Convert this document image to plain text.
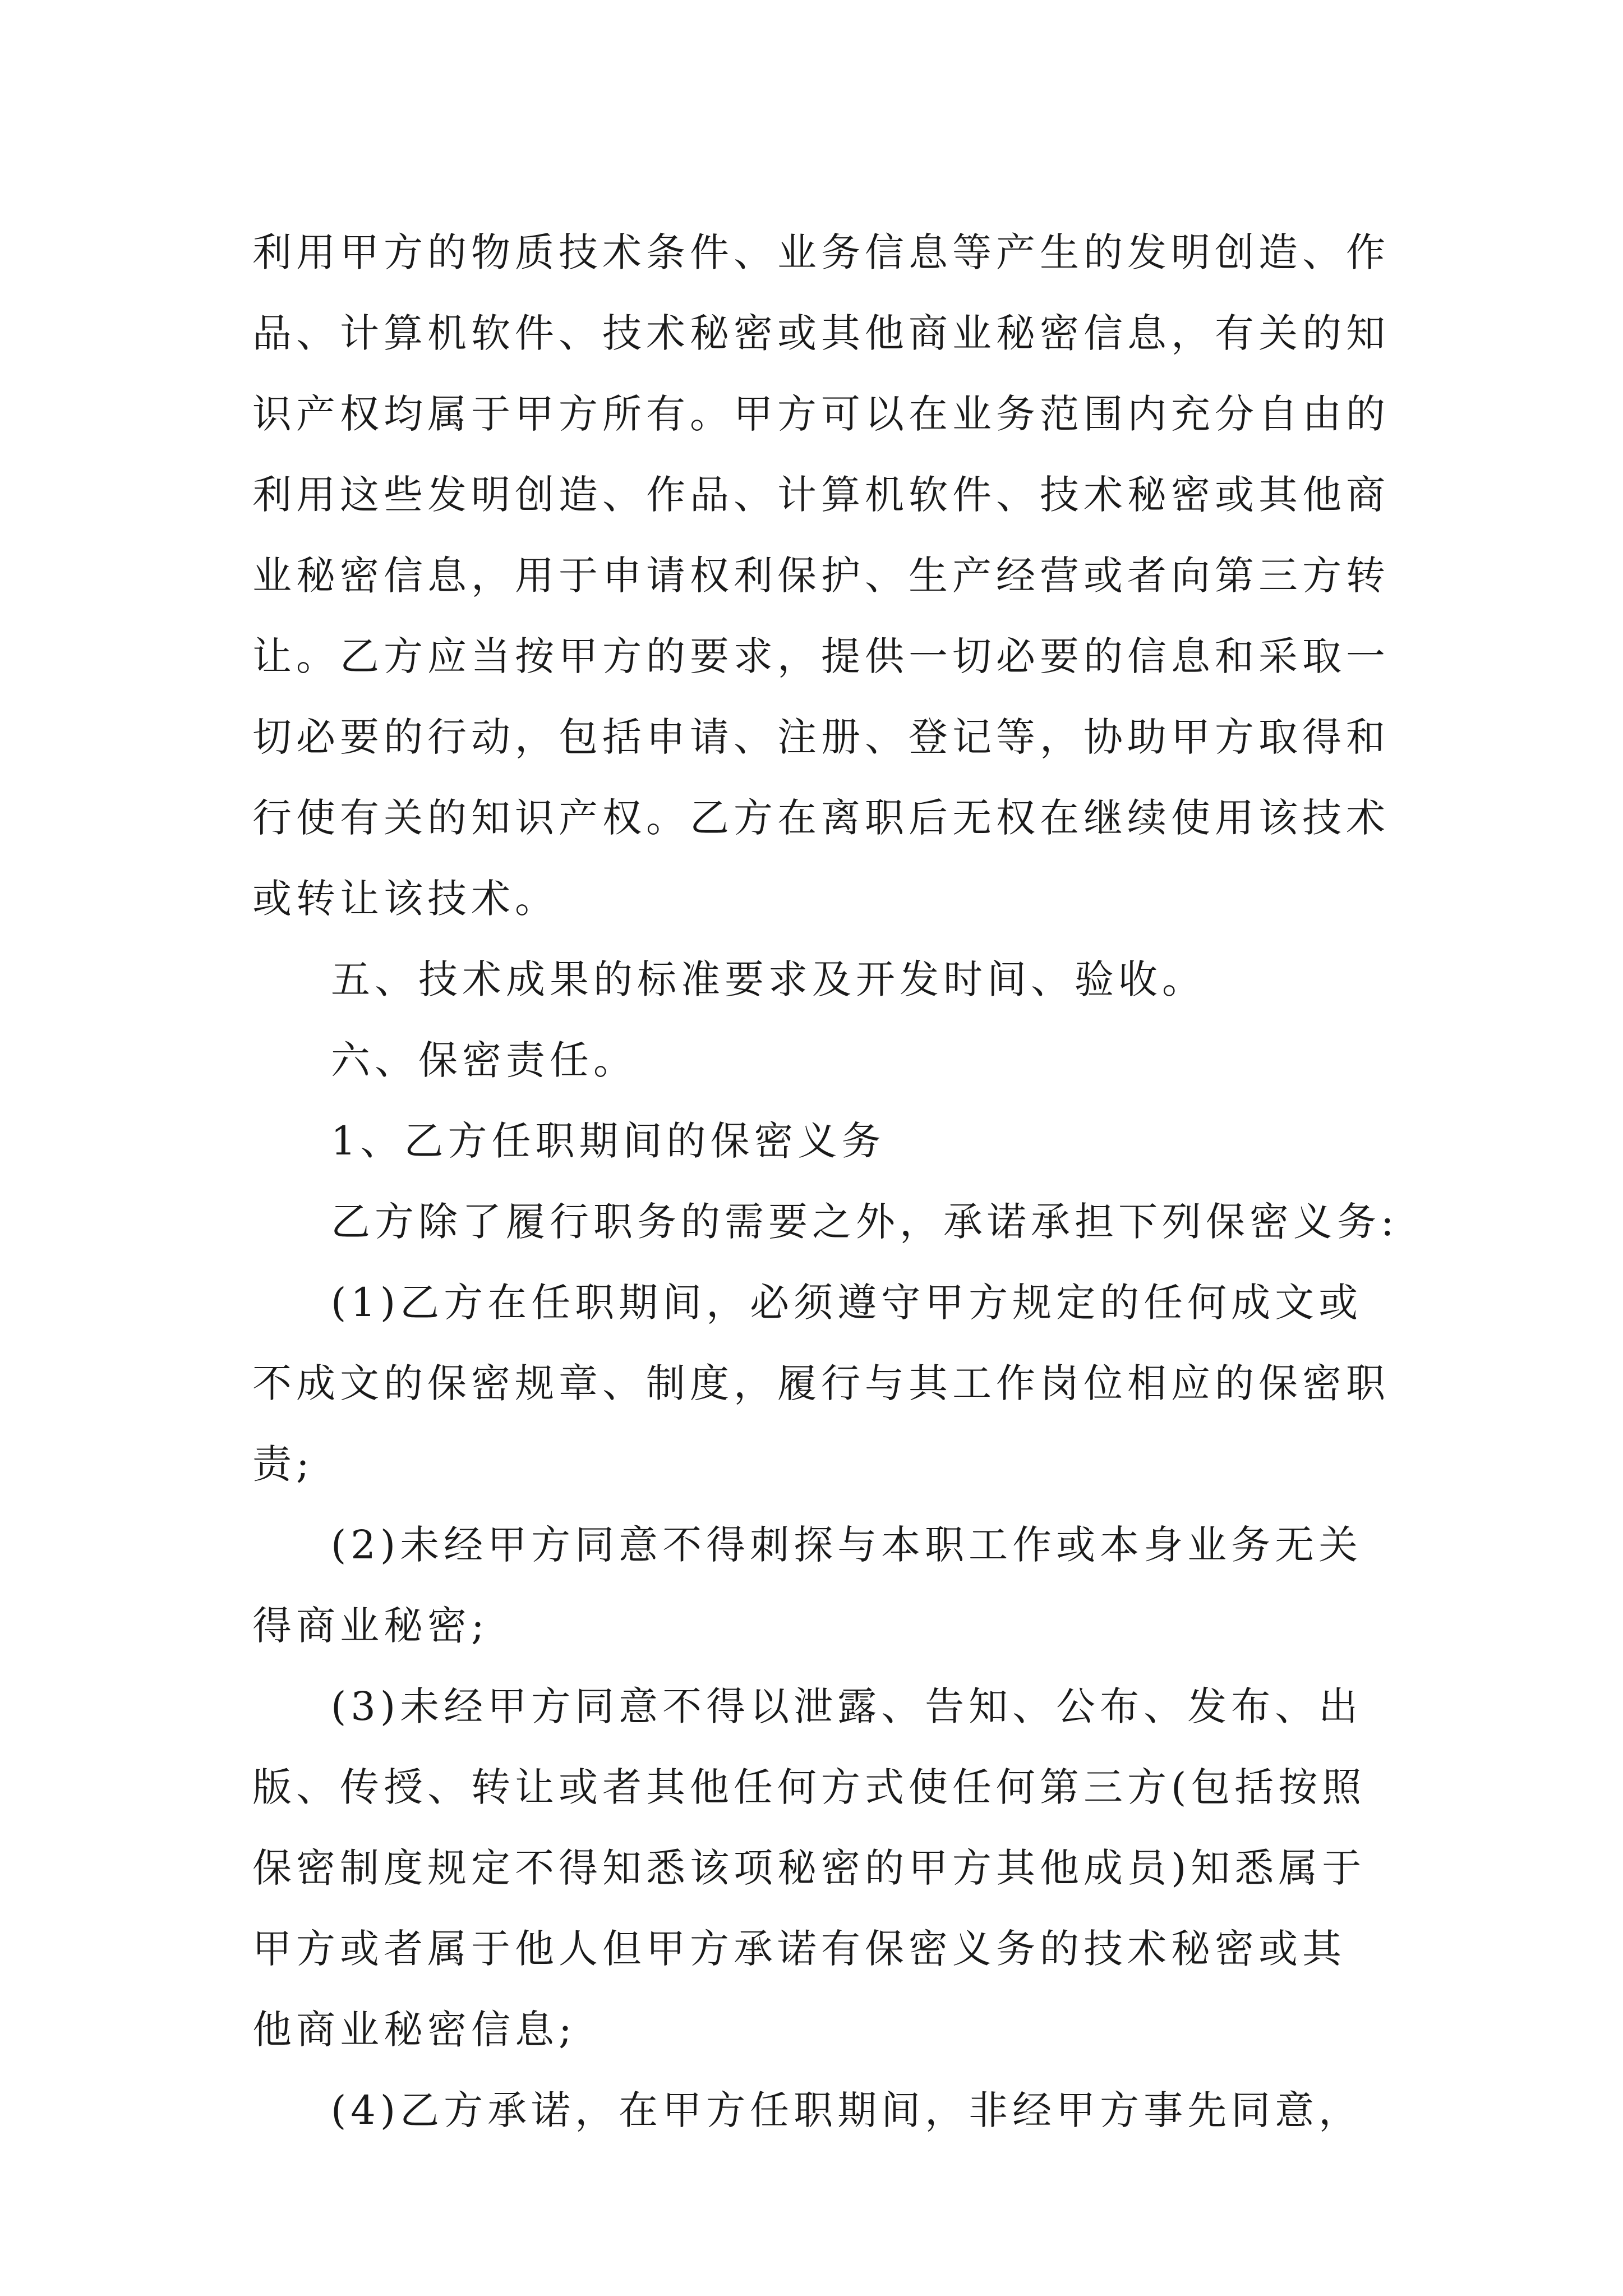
利用甲方的物质技术条件、业务信息等产生的发明创造、作
品、计算机软件、技术秘密或其他商业秘密信息，有关的知
识产权均属于甲方所有。甲方可以在业务范围内充分自由的
利用这些发明创造、作品、计算机软件、技术秘密或其他商
业秘密信息，用于申请权利保护、生产经营或者向第三方转
让。乙方应当按甲方的要求，提供一切必要的信息和采取一
切必要的行动，包括申请、注册、登记等，协助甲方取得和
行使有关的知识产权。乙方在离职后无权在继续使用该技术
或转让该技术。
五、技术成果的标准要求及开发时间、验收。
六、保密责任。
1、乙方任职期间的保密义务
乙方除了履行职务的需要之外，承诺承担下列保密义务:
(1)乙方在任职期间，必须遵守甲方规定的任何成文或
不成文的保密规章、制度，履行与其工作岗位相应的保密职
责;
(2)未经甲方同意不得刺探与本职工作或本身业务无关
得商业秘密;
(3)未经甲方同意不得以泄露、告知、公布、发布、出
版、传授、转让或者其他任何方式使任何第三方(包括按照
保密制度规定不得知悉该项秘密的甲方其他成员)知悉属于
甲方或者属于他人但甲方承诺有保密义务的技术秘密或其
他商业秘密信息;
(4)乙方承诺，在甲方任职期间，非经甲方事先同意，
